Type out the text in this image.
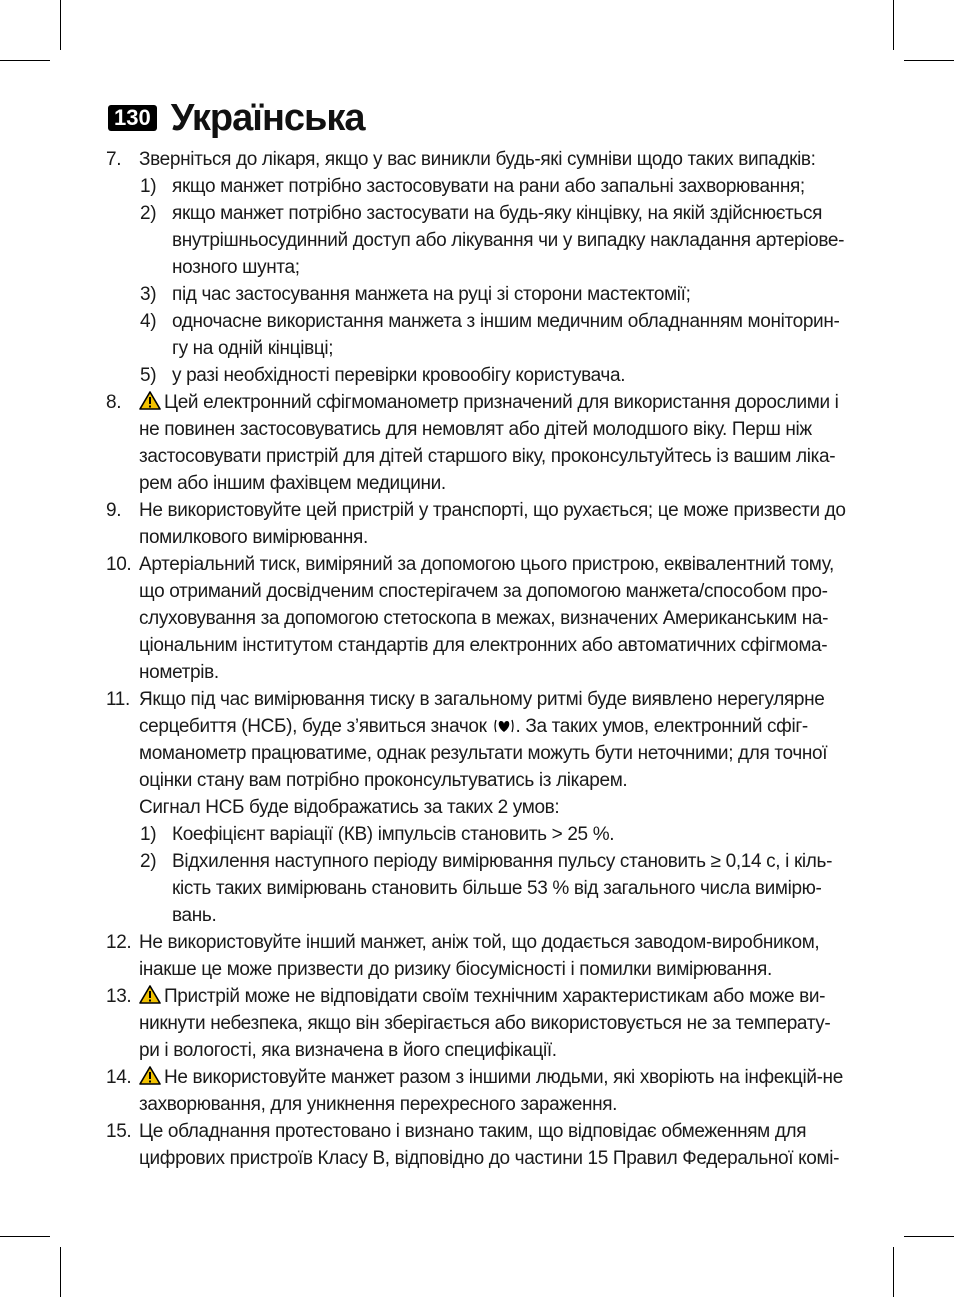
130 Українська
7. Зверніться до лікаря, якщо у вас виникли будь-які сумніви щодо таких випадків:
1) якщо манжет потрібно застосовувати на рани або запальні захворювання;
2) якщо манжет потрібно застосувати на будь-яку кінцівку, на якій здійснюється внутрішньосудинний доступ або лікування чи у випадку накладання артеріове-нозного шунта;
3) під час застосування манжета на руці зі сторони мастектомії;
4) одночасне використання манжета з іншим медичним обладнанням моніторин-гу на одній кінцівці;
5) у разі необхідності перевірки кровообігу користувача.
8.	Цей електронний сфігмоманометр призначений для використання дорослими і не повинен застосовуватись для немовлят або дітей молодшого віку. Перш ніж застосовувати пристрій для дітей старшого віку, проконсультуйтесь із вашим ліка-рем або іншим фахівцем медицини.
9. Не використовуйте цей пристрій у транспорті, що рухається; це може призвести до помилкового вимірювання.
10. Артеріальний тиск, виміряний за допомогою цього пристрою, еквівалентний тому, що отриманий досвідченим спостерігачем за допомогою манжета/способом про-слуховування за допомогою стетоскопа в межах, визначених Американським на-ціональним інститутом стандартів для електронних або автоматичних сфігмома-нометрів.
11. Якщо під час вимірювання тиску в загальному ритмі буде виявлено нерегулярне серцебиття (НСБ), буде з’явиться значок . За таких умов, електронний сфіг-моманометр працюватиме, однак результати можуть бути неточними; для точної оцінки стану вам потрібно проконсультуватись із лікарем.
Сигнал НСБ буде відображатись за таких 2 умов:
1) Коефіцієнт варіації (КВ) імпульсів становить > 25 %.
2) Відхилення наступного періоду вимірювання пульсу становить ≥ 0,14 с, і кіль-кість таких вимірювань становить більше 53 % від загального числа вимірю-вань.
12. Не використовуйте інший манжет, аніж той, що додається заводом-виробником, інакше це може призвести до ризику біосумісності і помилки вимірювання.
13.	Пристрій може не відповідати своїм технічним характеристикам або може ви-никнути небезпека, якщо він зберігається або використовується не за температу-ри і вологості, яка визначена в його специфікації.
14.	Не використовуйте манжет разом з іншими людьми, які хворіють на інфекцій-не захворювання, для уникнення перехресного зараження.
15. Це обладнання протестовано і визнано таким, що відповідає обмеженням для цифрових пристроїв Класу B, відповідно до частини 15 Правил Федеральної комі-
